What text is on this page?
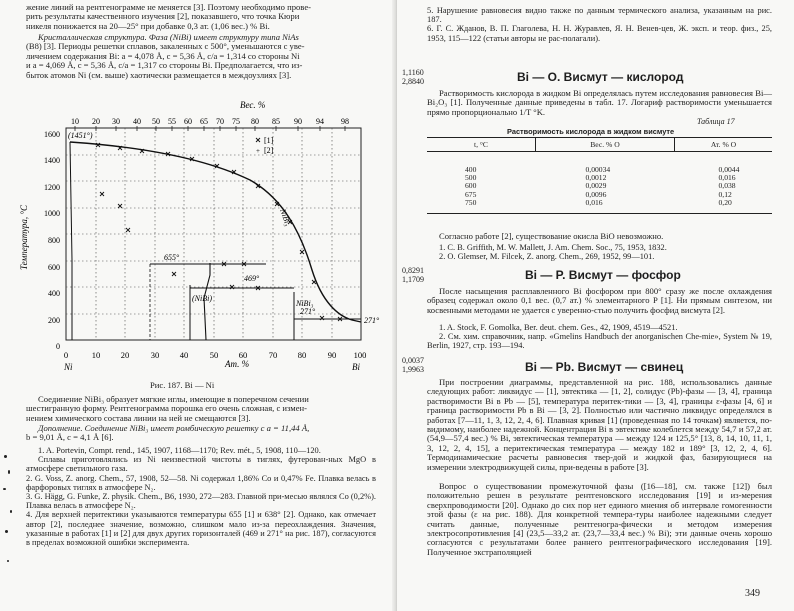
жение линий на рентгенограмме не меняется [3]. Поэтому необходимо прове-
рить результаты качественного изучения [2], показавшего, что точка Кюри
никеля понижается на 20—25° при добавке 0,3 ат. (1,06 вес.) % Bi.
Кристаллическая структура. Фаза (NiBi) имеет структуру типа NiAs
(B8) [3]. Периоды решетки сплавов, закаленных с 500°, уменьшаются с уве-
личением содержания Bi: a = 4,078 Å, c = 5,36 Å, c/a = 1,314 со стороны Ni
и a = 4,069 Å, c = 5,36 Å, c/a = 1,317 со стороны Bi. Предполагается, что из-
быток атомов Ni (см. выше) хаотически размещается в междоузлиях [3].
Вес. %
Температура, °C
Ат. %
Ni	Bi
10 20 30 40 50 55 60 65 70 75 80 85 90 94 98
1600
1400
1200
1000
800
600
400
200
0
0	10 20	30 40	50 60	70 80	90 100
[1]
+ [2]
(1451°)
655°
469°
271°
271°
(NiBi)
NiBi₃
NiBi₃
Рис. 187. Bi — Ni
Соединение NiBi₃ образует мягкие иглы, имеющие в поперечном сечении
шестигранную форму. Рентгенограмма порошка его очень сложная, с измен-
нением химического состава линии на ней не смещаются [3].
Дополнение. Соединение NiBi₃ имеет ромбическую решетку с a = 11,44 Å,
b = 9,01 Å, c = 4,1 Å [6].
1. A. Portevin, Compt. rend., 145, 1907, 1168—1170; Rev. mét., 5, 1908, 110—120.
Сплавы приготовлялись из Ni неизвестной чистоты в тиглях, футерован-ных MgO в атмосфере светильного газа.
2. G. Voss, Z. anorg. Chem., 57, 1908, 52—58. Ni содержал 1,86% Co и 0,47% Fe. Плавка велась в фарфоровых тиглях в атмосфере N₂.
3. G. Hägg, G. Funke, Z. physik. Chem., B6, 1930, 272—283. Главной при-месью являлся Co (0,2%). Плавка велась в атмосфере N₂.
4. Для верхней перитектики указываются температуры 655 [1] и 638° [2]. Однако, как отмечает автор [2], последнее значение, возможно, слишком мало из-за переохлаждения. Значения, указанные в работах [1] и [2] для двух других горизонталей (469 и 271° на рис. 187), согласуются в пределах возможной ошибки эксперимента.
5. Нарушение равновесия видно также по данным термического анализа, указанным на рис. 187.
6. Г. С. Жданов, В. П. Глаголева, Н. Н. Журавлев, Я. Н. Венев-цев, Ж. эксп. и теор. физ., 25, 1953, 115—122 (статьи авторы не рас-полагали).
1,1160
2,8840	Bi — O. Висмут — кислород
Растворимость кислорода в жидком Bi определялась путем исследования равновесия Bi—Bi₂O₃ [1]. Полученные данные приведены в табл. 17. Логариф растворимости уменьшается прямо пропорционально 1/T °K.
Таблица 17
Растворимость кислорода в жидком висмуте
t, °C	Вес. % O	Ат. % O

400	0,00034	0,0044
500	0,0012	0,016
600	0,0029	0,038
675	0,0096	0,12
750	0,016	0,20

Согласно работе [2], существование окисла BiO невозможно.
1. C. B. Griffith, M. W. Mallett, J. Am. Chem. Soc., 75, 1953, 1832.
2. O. Glemser, M. Filcek, Z. anorg. Chem., 269, 1952, 99—101.
0,8291
1,1709	Bi — P. Висмут — фосфор
После насыщения расплавленного Bi фосфором при 800° сразу же после охлаждения образец содержал около 0,1 вес. (0,7 ат.) % элементарного P [1]. Ни прямым синтезом, ни косвенными методами не удается с уверенно-стью получить фосфид висмута [2].
1. A. Stock, F. Gomolka, Ber. deut. chem. Ges., 42, 1909, 4519—4521.
2. См. хим. справочник, напр. «Gmelins Handbuch der anorganischen Che-mie», System № 19, Berlin, 1927, стр. 193—194.
0,0037
1,9963	Bi — Pb. Висмут — свинец
При построении диаграммы, представленной на рис. 188, использовались данные следующих работ: ликвидус — [1], эвтектика — [1, 2], солидус (Pb)-фазы — [3, 4], граница растворимости Bi в Pb — [5], температура перитек-тики — [3, 4], границы ε-фазы [4, 6] и граница растворимости Pb в Bi — [3, 2]. Полностью или частично ликвидус определялся в работах [7—11, 1, 3, 12, 2, 4, 6]. Плавная кривая [1] (проведенная по 14 точкам) является, по-видимому, наиболее надежной. Концентрация Bi в эвтектике колеблется между 54,7 и 57,2 ат. (54,9—57,4 вес.) % Bi, эвтектическая температура — между 124 и 125,5° [13, 8, 14, 10, 11, 1, 3, 12, 2, 4, 15], а перитектическая температура — между 182 и 189° [3, 12, 2, 4, 6]. Термодинамические расчеты равновесия твер-дой и жидкой фаз, базирующиеся на измерении электродвижущей силы, при-ведены в работе [3].
Вопрос о существовании промежуточной фазы ([16—18], см. также [12]) был положительно решен в результате рентгеновского исследования [19] и из-мерения сверхпроводимости [20]. Однако до сих пор нет единого мнения об интервале гомогенности этой фазы (ε на рис. 188). Для конкретной темпера-туры наиболее надежными следует считать данные, полученные рентгеногра-фически и методом измерения электросопротивления [4] (23,5—33,2 ат. (23,7—33,4 вес.) % Bi); эти данные очень хорошо согласуются с результатами более раннего рентгенографического исследования [19]. Полученное экстраполяцией
349
